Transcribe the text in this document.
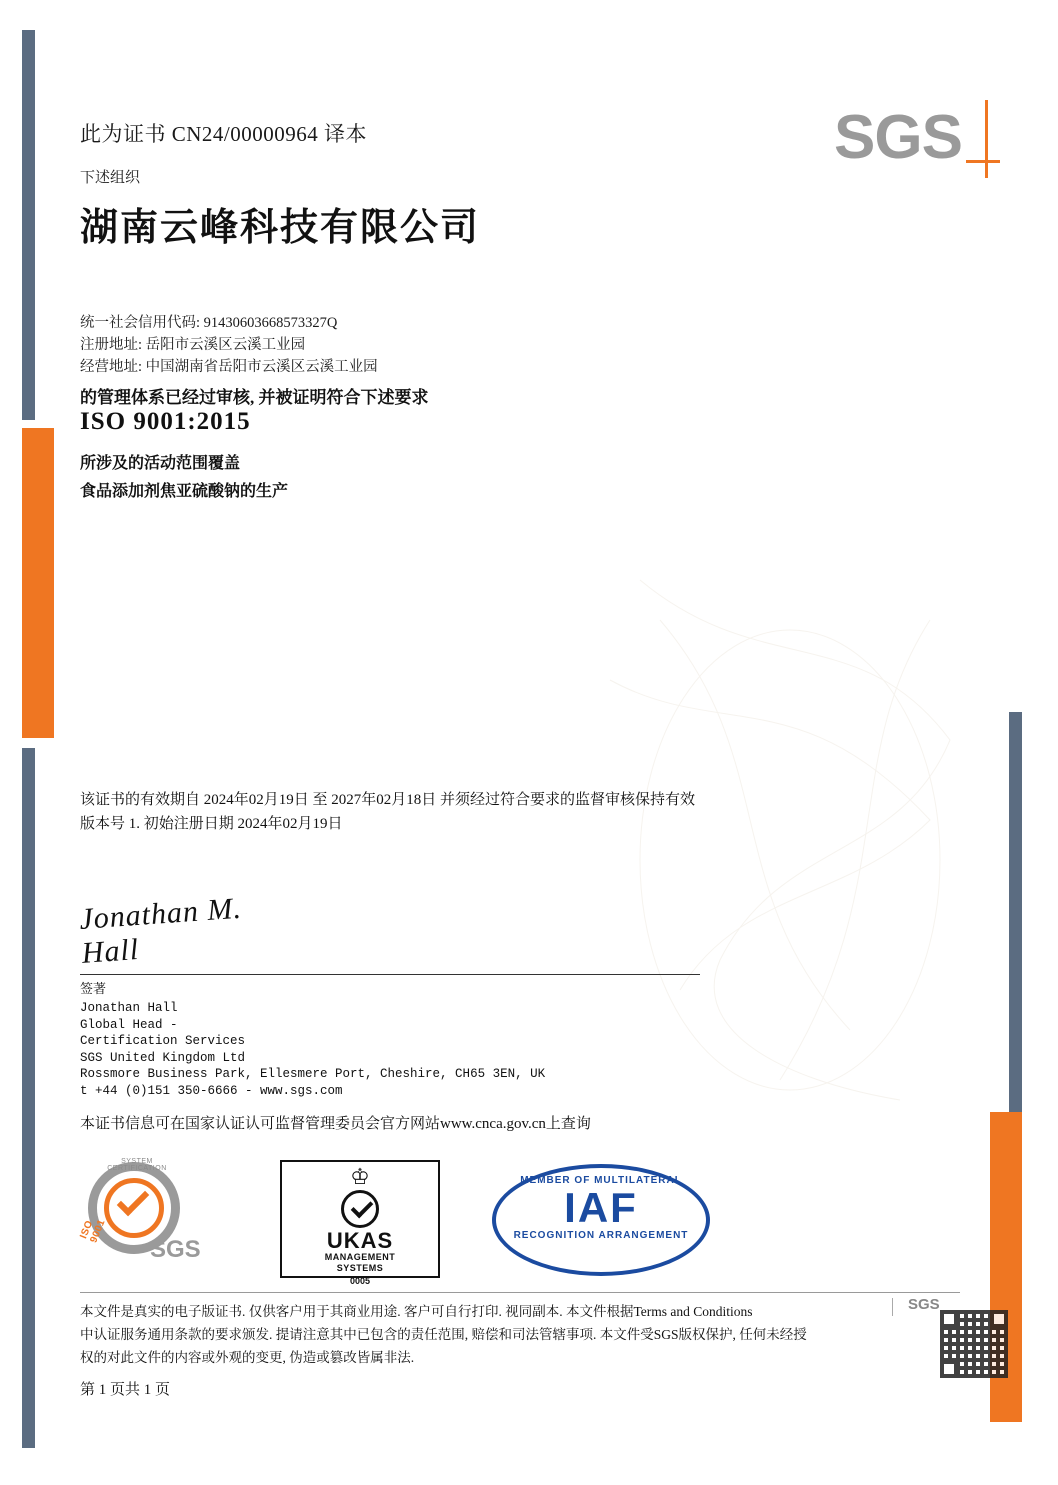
SGS
此为证书 CN24/00000964 译本
下述组织
湖南云峰科技有限公司
统一社会信用代码: 91430603668573327Q
注册地址: 岳阳市云溪区云溪工业园
经营地址: 中国湖南省岳阳市云溪区云溪工业园
的管理体系已经过审核, 并被证明符合下述要求
ISO 9001:2015
所涉及的活动范围覆盖
食品添加剂焦亚硫酸钠的生产
该证书的有效期自 2024年02月19日 至 2027年02月18日 并须经过符合要求的监督审核保持有效
版本号 1. 初始注册日期 2024年02月19日
Jonathan M. Hall
签著
Jonathan Hall
Global Head -
Certification Services
SGS United Kingdom Ltd
Rossmore Business Park, Ellesmere Port, Cheshire, CH65 3EN, UK
t +44 (0)151 350-6666 - www.sgs.com
本证书信息可在国家认证认可监督管理委员会官方网站www.cnca.gov.cn上查询
SYSTEM CERTIFICATION
ISO 9001
SGS
♔
UKAS
MANAGEMENT
SYSTEMS
0005
MEMBER OF MULTILATERAL
IAF
RECOGNITION ARRANGEMENT
本文件是真实的电子版证书. 仅供客户用于其商业用途. 客户可自行打印. 视同副本. 本文件根据Terms and Conditions
中认证服务通用条款的要求颁发. 提请注意其中已包含的责任范围, 赔偿和司法管辖事项. 本文件受SGS版权保护, 任何未经授
权的对此文件的内容或外观的变更, 伪造或篡改皆属非法.
SGS
第 1 页共 1 页
